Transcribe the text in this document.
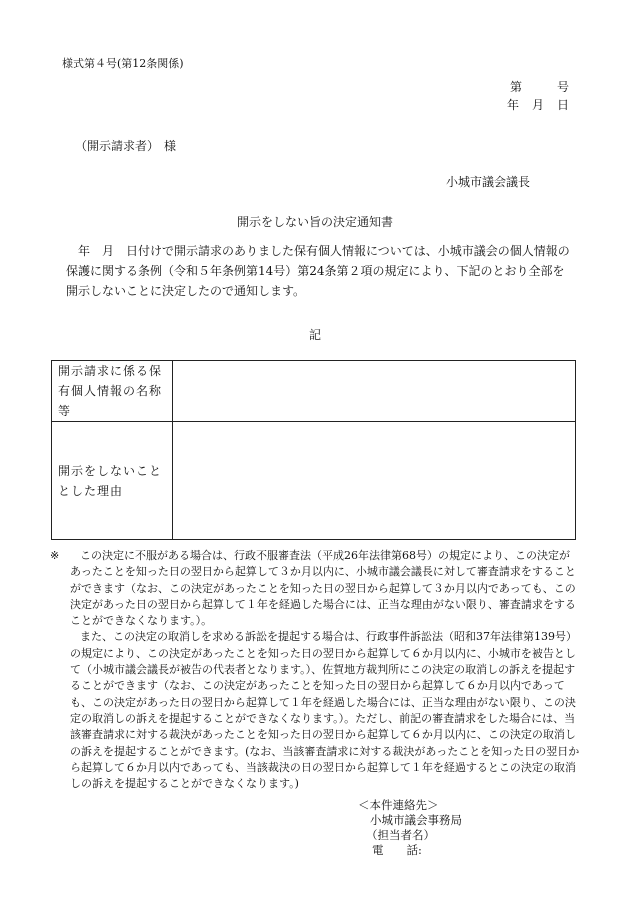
様式第４号(第12条関係)
第	号
年 月 日
（開示請求者） 様
小城市議会議長
開示をしない旨の決定通知書

　年　月　日付けで開示請求のありました保有個人情報については、小城市議会の個人情報の保護に関する条例（令和５年条例第14号）第24条第２項の規定により、下記のとおり全部を開示しないことに決定したので通知します。

記
開示請求に係る保有個人情報の名称等	
開示をしないこととした理由	
※	この決定に不服がある場合は、行政不服審査法（平成26年法律第68号）の規定により、この決定があったことを知った日の翌日から起算して３か月以内に、小城市議会議長に対して審査請求をすることができます（なお、この決定があったことを知った日の翌日から起算して３か月以内であっても、この決定があった日の翌日から起算して１年を経過した場合には、正当な理由がない限り、審査請求をすることができなくなります。）。

また、この決定の取消しを求める訴訟を提起する場合は、行政事件訴訟法（昭和37年法律第139号）の規定により、この決定があったことを知った日の翌日から起算して６か月以内に、小城市を被告として（小城市議会議長が被告の代表者となります。）、佐賀地方裁判所にこの決定の取消しの訴えを提起することができます（なお、この決定があったことを知った日の翌日から起算して６か月以内であっても、この決定があった日の翌日から起算して１年を経過した場合には、正当な理由がない限り、この決定の取消しの訴えを提起することができなくなります。）。ただし、前記の審査請求をした場合には、当該審査請求に対する裁決があったことを知った日の翌日から起算して６か月以内に、この決定の取消しの訴えを提起することができます。(なお、当該審査請求に対する裁決があったことを知った日の翌日から起算して６か月以内であっても、当該裁決の日の翌日から起算して１年を経過するとこの決定の取消しの訴えを提起することができなくなります。)

＜本件連絡先＞
小城市議会事務局
（担当者名）
電　　話:
